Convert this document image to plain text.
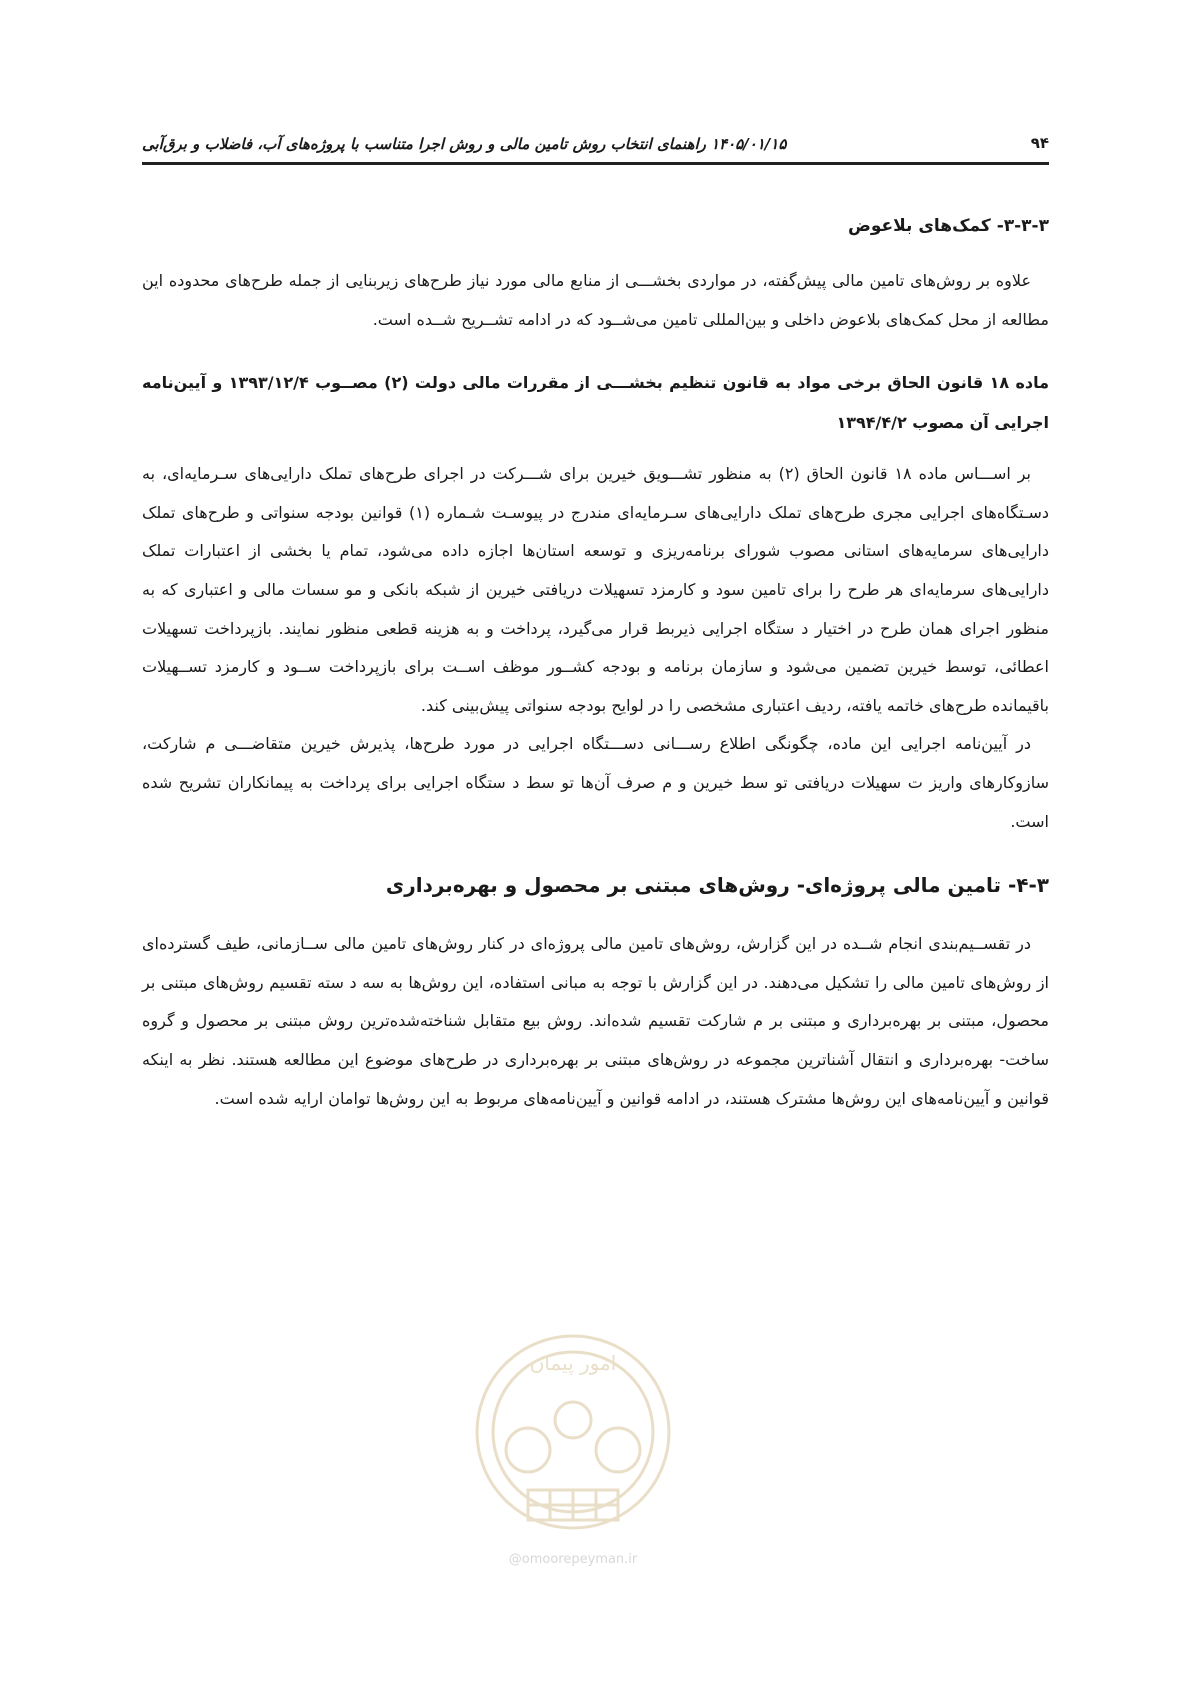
۹۴
۱۴۰۵/۰۱/۱۵ راهنمای انتخاب روش تامین مالی و روش اجرا متناسب با پروژه‌های آب، فاضلاب و برق‌آبی
۳-۳-۳- کمک‌های بلاعوض

علاوه بر روش‌های تامین مالی پیش‌گفته، در مواردی بخشـــی از منابع مالی مورد نیاز طرح‌های زیربنایی از جمله طرح‌های محدوده این مطالعه از محل کمک‌های بلاعوض داخلی و بین‌المللی تامین می‌شــود که در ادامه تشــریح شــده است.

ماده ۱۸ قانون الحاق برخی مواد به قانون تنظیم بخشـــی از مقررات مالی دولت (۲) مصــوب ۱۳۹۳/۱۲/۴ و آیین‌نامه اجرایی آن مصوب ۱۳۹۴/۴/۲

بر اســـاس ماده ۱۸ قانون الحاق (۲) به منظور تشـــویق خیرین برای شـــرکت در اجرای طرح‌های تملک دارایی‌های سـرمایه‌ای، به دسـتگاه‌های اجرایی مجری طرح‌های تملک دارایی‌های سـرمایه‌ای مندرج در پیوسـت شـماره (۱) قوانین بودجه سنواتی و طرح‌های تملک دارایی‌های سرمایه‌های استانی مصوب شورای برنامه‌ریزی و توسعه استان‌ها اجازه داده می‌شود، تمام یا بخشی از اعتبارات تملک دارایی‌های سرمایه‌ای هر طرح را برای تامین سود و کارمزد تسهیلات دریافتی خیرین از شبکه بانکی و مو سسات مالی و اعتباری که به منظور اجرای همان طرح در اختیار د ستگاه اجرایی ذیربط قرار می‌گیرد، پرداخت و به هزینه قطعی منظور نمایند. بازپرداخت تسهیلات اعطائی، توسط خیرین تضمین می‌شود و سازمان برنامه و بودجه کشــور موظف اســت برای بازپرداخت ســود و کارمزد تســهیلات باقیمانده طرح‌های خاتمه یافته، ردیف اعتباری مشخصی را در لوایح بودجه سنواتی پیش‌بینی کند.

در آیین‌نامه اجرایی این ماده، چگونگی اطلاع رســـانی دســـتگاه اجرایی در مورد طرح‌ها، پذیرش خیرین متقاضـــی م شارکت، سازوکارهای واریز ت سهیلات دریافتی تو سط خیرین و م صرف آن‌ها تو سط د ستگاه اجرایی برای پرداخت به پیمانکاران تشریح شده است.

۴-۳- تامین مالی پروژه‌ای- روش‌های مبتنی بر محصول و بهره‌برداری

در تقســیم‌بندی انجام شــده در این گزارش، روش‌های تامین مالی پروژه‌ای در کنار روش‌های تامین مالی ســازمانی، طیف گسترده‌ای از روش‌های تامین مالی را تشکیل می‌دهند. در این گزارش با توجه به مبانی استفاده، این روش‌ها به سه د سته تقسیم روش‌های مبتنی بر محصول، مبتنی بر بهره‌برداری و مبتنی بر م شارکت تقسیم شده‌اند. روش بیع متقابل شناخته‌شده‌ترین روش مبتنی بر محصول و گروه ساخت- بهره‌برداری و انتقال آشناترین مجموعه در روش‌های مبتنی بر بهره‌برداری در طرح‌های موضوع این مطالعه هستند. نظر به اینکه قوانین و آیین‌نامه‌های این روش‌ها مشترک هستند، در ادامه قوانین و آیین‌نامه‌های مربوط به این روش‌ها توامان ارایه شده است.

امور پیمان
@omoorepeyman.ir
